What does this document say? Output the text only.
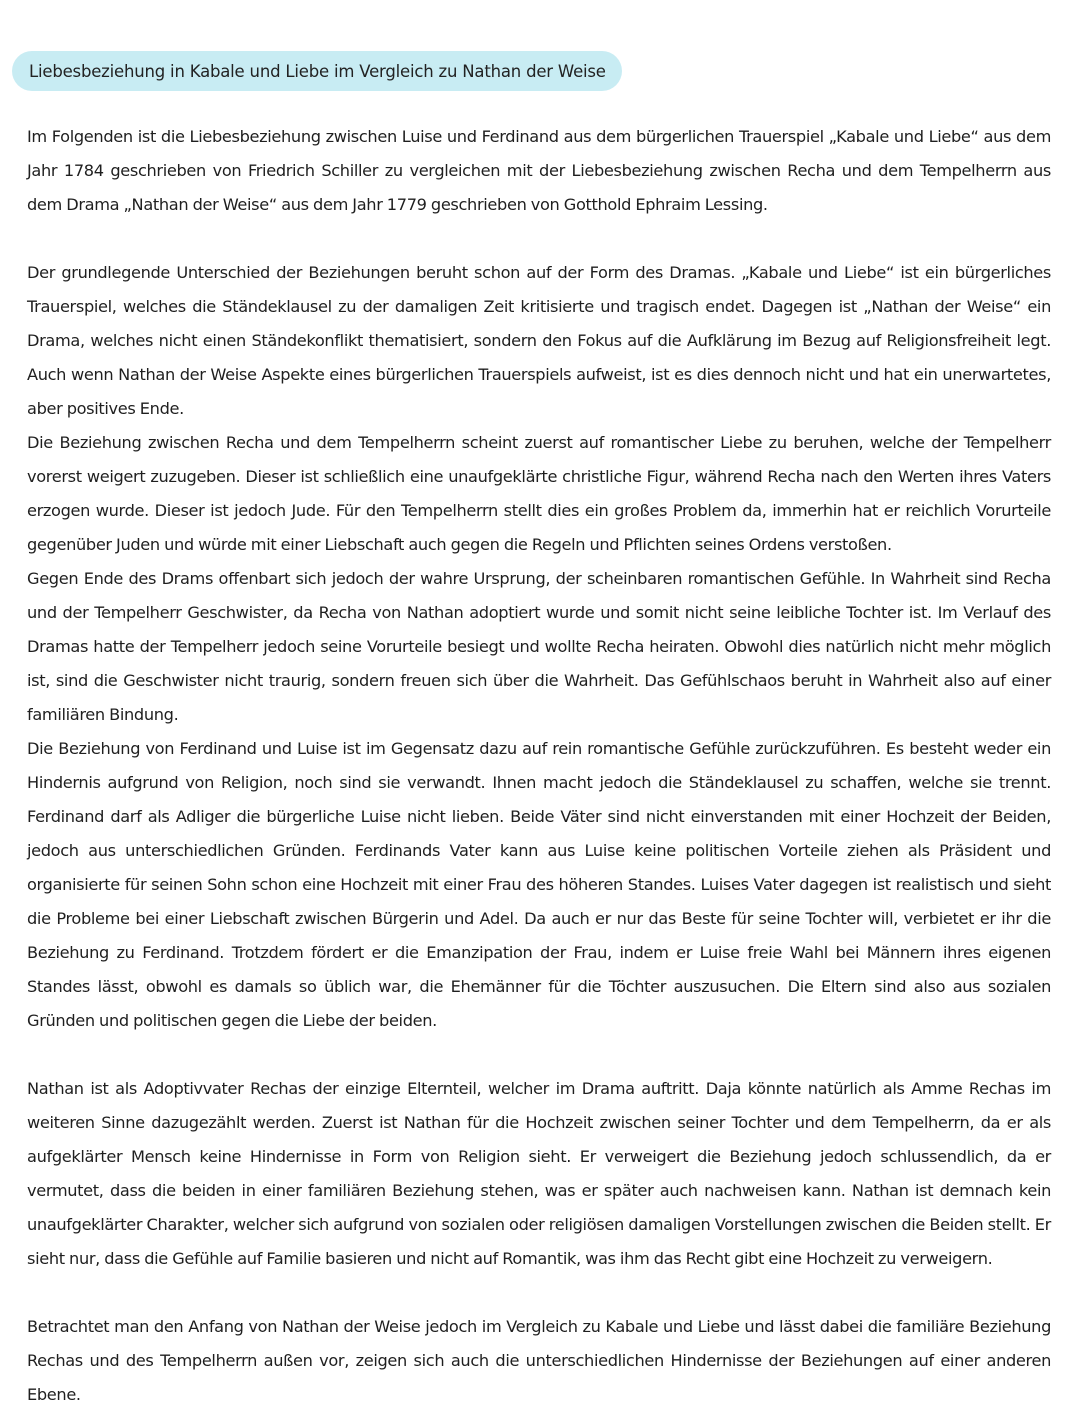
Liebesbeziehung in Kabale und Liebe im Vergleich zu Nathan der Weise

Im Folgenden ist die Liebesbeziehung zwischen Luise und Ferdinand aus dem bürgerlichen Trauerspiel „Kabale und Liebe“ aus dem Jahr 1784 geschrieben von Friedrich Schiller zu vergleichen mit der Liebesbeziehung zwischen Recha und dem Tempelherrn aus dem Drama „Nathan der Weise“ aus dem Jahr 1779 geschrieben von Gotthold Ephraim Lessing.

Der grundlegende Unterschied der Beziehungen beruht schon auf der Form des Dramas. „Kabale und Liebe“ ist ein bürgerliches Trauerspiel, welches die Ständeklausel zu der damaligen Zeit kritisierte und tragisch endet. Dagegen ist „Nathan der Weise“ ein Drama, welches nicht einen Ständekonflikt thematisiert, sondern den Fokus auf die Aufklärung im Bezug auf Religionsfreiheit legt. Auch wenn Nathan der Weise Aspekte eines bürgerlichen Trauerspiels aufweist, ist es dies dennoch nicht und hat ein unerwartetes, aber positives Ende.

Die Beziehung zwischen Recha und dem Tempelherrn scheint zuerst auf romantischer Liebe zu beruhen, welche der Tempelherr vorerst weigert zuzugeben. Dieser ist schließlich eine unaufgeklärte christliche Figur, während Recha nach den Werten ihres Vaters erzogen wurde. Dieser ist jedoch Jude. Für den Tempelherrn stellt dies ein großes Problem da, immerhin hat er reichlich Vorurteile gegenüber Juden und würde mit einer Liebschaft auch gegen die Regeln und Pflichten seines Ordens verstoßen.

Gegen Ende des Drams offenbart sich jedoch der wahre Ursprung, der scheinbaren romantischen Gefühle. In Wahrheit sind Recha und der Tempelherr Geschwister, da Recha von Nathan adoptiert wurde und somit nicht seine leibliche Tochter ist. Im Verlauf des Dramas hatte der Tempelherr jedoch seine Vorurteile besiegt und wollte Recha heiraten. Obwohl dies natürlich nicht mehr möglich ist, sind die Geschwister nicht traurig, sondern freuen sich über die Wahrheit. Das Gefühlschaos beruht in Wahrheit also auf einer familiären Bindung.

Die Beziehung von Ferdinand und Luise ist im Gegensatz dazu auf rein romantische Gefühle zurückzuführen. Es besteht weder ein Hindernis aufgrund von Religion, noch sind sie verwandt. Ihnen macht jedoch die Ständeklausel zu schaffen, welche sie trennt. Ferdinand darf als Adliger die bürgerliche Luise nicht lieben. Beide Väter sind nicht einverstanden mit einer Hochzeit der Beiden, jedoch aus unterschiedlichen Gründen. Ferdinands Vater kann aus Luise keine politischen Vorteile ziehen als Präsident und organisierte für seinen Sohn schon eine Hochzeit mit einer Frau des höheren Standes. Luises Vater dagegen ist realistisch und sieht die Probleme bei einer Liebschaft zwischen Bürgerin und Adel. Da auch er nur das Beste für seine Tochter will, verbietet er ihr die Beziehung zu Ferdinand. Trotzdem fördert er die Emanzipation der Frau, indem er Luise freie Wahl bei Männern ihres eigenen Standes lässt, obwohl es damals so üblich war, die Ehemänner für die Töchter auszusuchen. Die Eltern sind also aus sozialen Gründen und politischen gegen die Liebe der beiden.

Nathan ist als Adoptivvater Rechas der einzige Elternteil, welcher im Drama auftritt. Daja könnte natürlich als Amme Rechas im weiteren Sinne dazugezählt werden. Zuerst ist Nathan für die Hochzeit zwischen seiner Tochter und dem Tempelherrn, da er als aufgeklärter Mensch keine Hindernisse in Form von Religion sieht. Er verweigert die Beziehung jedoch schlussendlich, da er vermutet, dass die beiden in einer familiären Beziehung stehen, was er später auch nachweisen kann. Nathan ist demnach kein unaufgeklärter Charakter, welcher sich aufgrund von sozialen oder religiösen damaligen Vorstellungen zwischen die Beiden stellt. Er sieht nur, dass die Gefühle auf Familie basieren und nicht auf Romantik, was ihm das Recht gibt eine Hochzeit zu verweigern.

Betrachtet man den Anfang von Nathan der Weise jedoch im Vergleich zu Kabale und Liebe und lässt dabei die familiäre Beziehung Rechas und des Tempelherrn außen vor, zeigen sich auch die unterschiedlichen Hindernisse der Beziehungen auf einer anderen Ebene.
